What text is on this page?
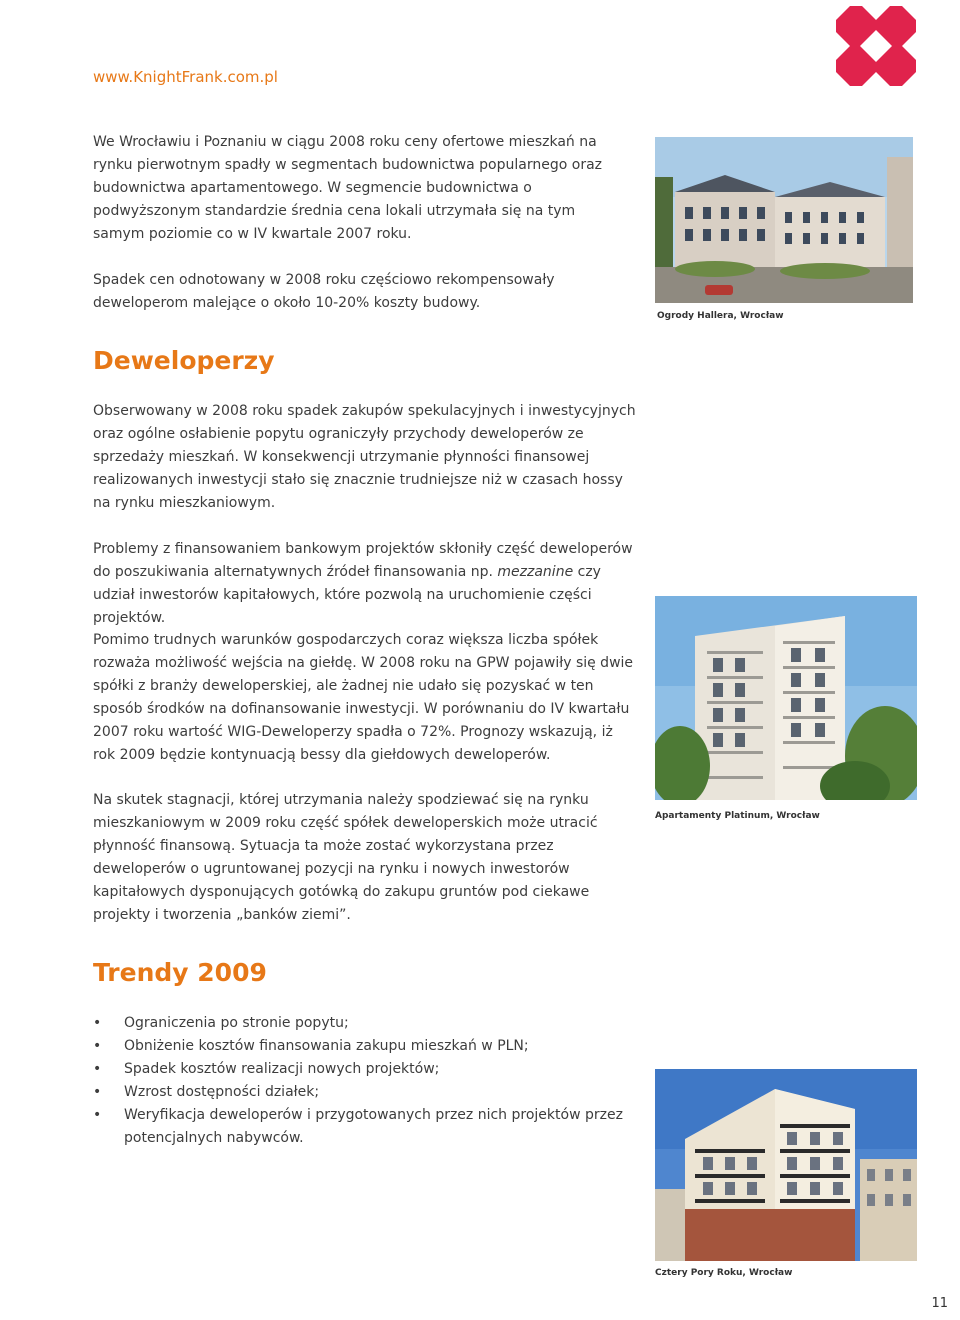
www.KnightFrank.com.pl

We Wrocławiu i Poznaniu w ciągu 2008 roku ceny ofertowe mieszkań na rynku pierwotnym spadły w segmentach budownictwa popularnego oraz budownictwa apartamentowego. W segmencie budownictwa o podwyższonym standardzie średnia cena lokali utrzymała się na tym samym poziomie co w IV kwartale 2007 roku.

Spadek cen odnotowany w 2008 roku częściowo rekompensowały deweloperom malejące o około 10-20% koszty budowy.

Ogrody Hallera, Wrocław
Deweloperzy

Obserwowany w 2008 roku spadek zakupów spekulacyjnych i inwestycyjnych oraz ogólne osłabienie popytu ograniczyły przychody deweloperów ze sprzedaży mieszkań. W konsekwencji utrzymanie płynności finansowej realizowanych inwestycji stało się znacznie trudniejsze niż w czasach hossy na rynku mieszkaniowym.

Problemy z finansowaniem bankowym projektów skłoniły część deweloperów do poszukiwania alternatywnych źródeł finansowania np. mezzanine czy udział inwestorów kapitałowych, które pozwolą na uruchomienie części projektów.

Pomimo trudnych warunków gospodarczych coraz większa liczba spółek rozważa możliwość wejścia na giełdę. W 2008 roku na GPW pojawiły się dwie spółki z branży deweloperskiej, ale żadnej nie udało się pozyskać w ten sposób środków na dofinansowanie inwestycji. W porównaniu do IV kwartału 2007 roku wartość WIG-Deweloperzy spadła o 72%. Prognozy wskazują, iż rok 2009 będzie kontynuacją bessy dla giełdowych deweloperów.

Na skutek stagnacji, której utrzymania należy spodziewać się na rynku mieszkaniowym w 2009 roku część spółek deweloperskich może utracić płynność finansową. Sytuacja ta może zostać wykorzystana przez deweloperów o ugruntowanej pozycji na rynku i nowych inwestorów kapitałowych dysponujących gotówką do zakupu gruntów pod ciekawe projekty i tworzenia „banków ziemi”.

Apartamenty Platinum, Wrocław
Trendy 2009
• Ograniczenia po stronie popytu;
• Obniżenie kosztów finansowania zakupu mieszkań w PLN;
• Spadek kosztów realizacji nowych projektów;
• Wzrost dostępności działek;
• Weryfikacja deweloperów i przygotowanych przez nich projektów przez potencjalnych nabywców.
Cztery Pory Roku, Wrocław
11
